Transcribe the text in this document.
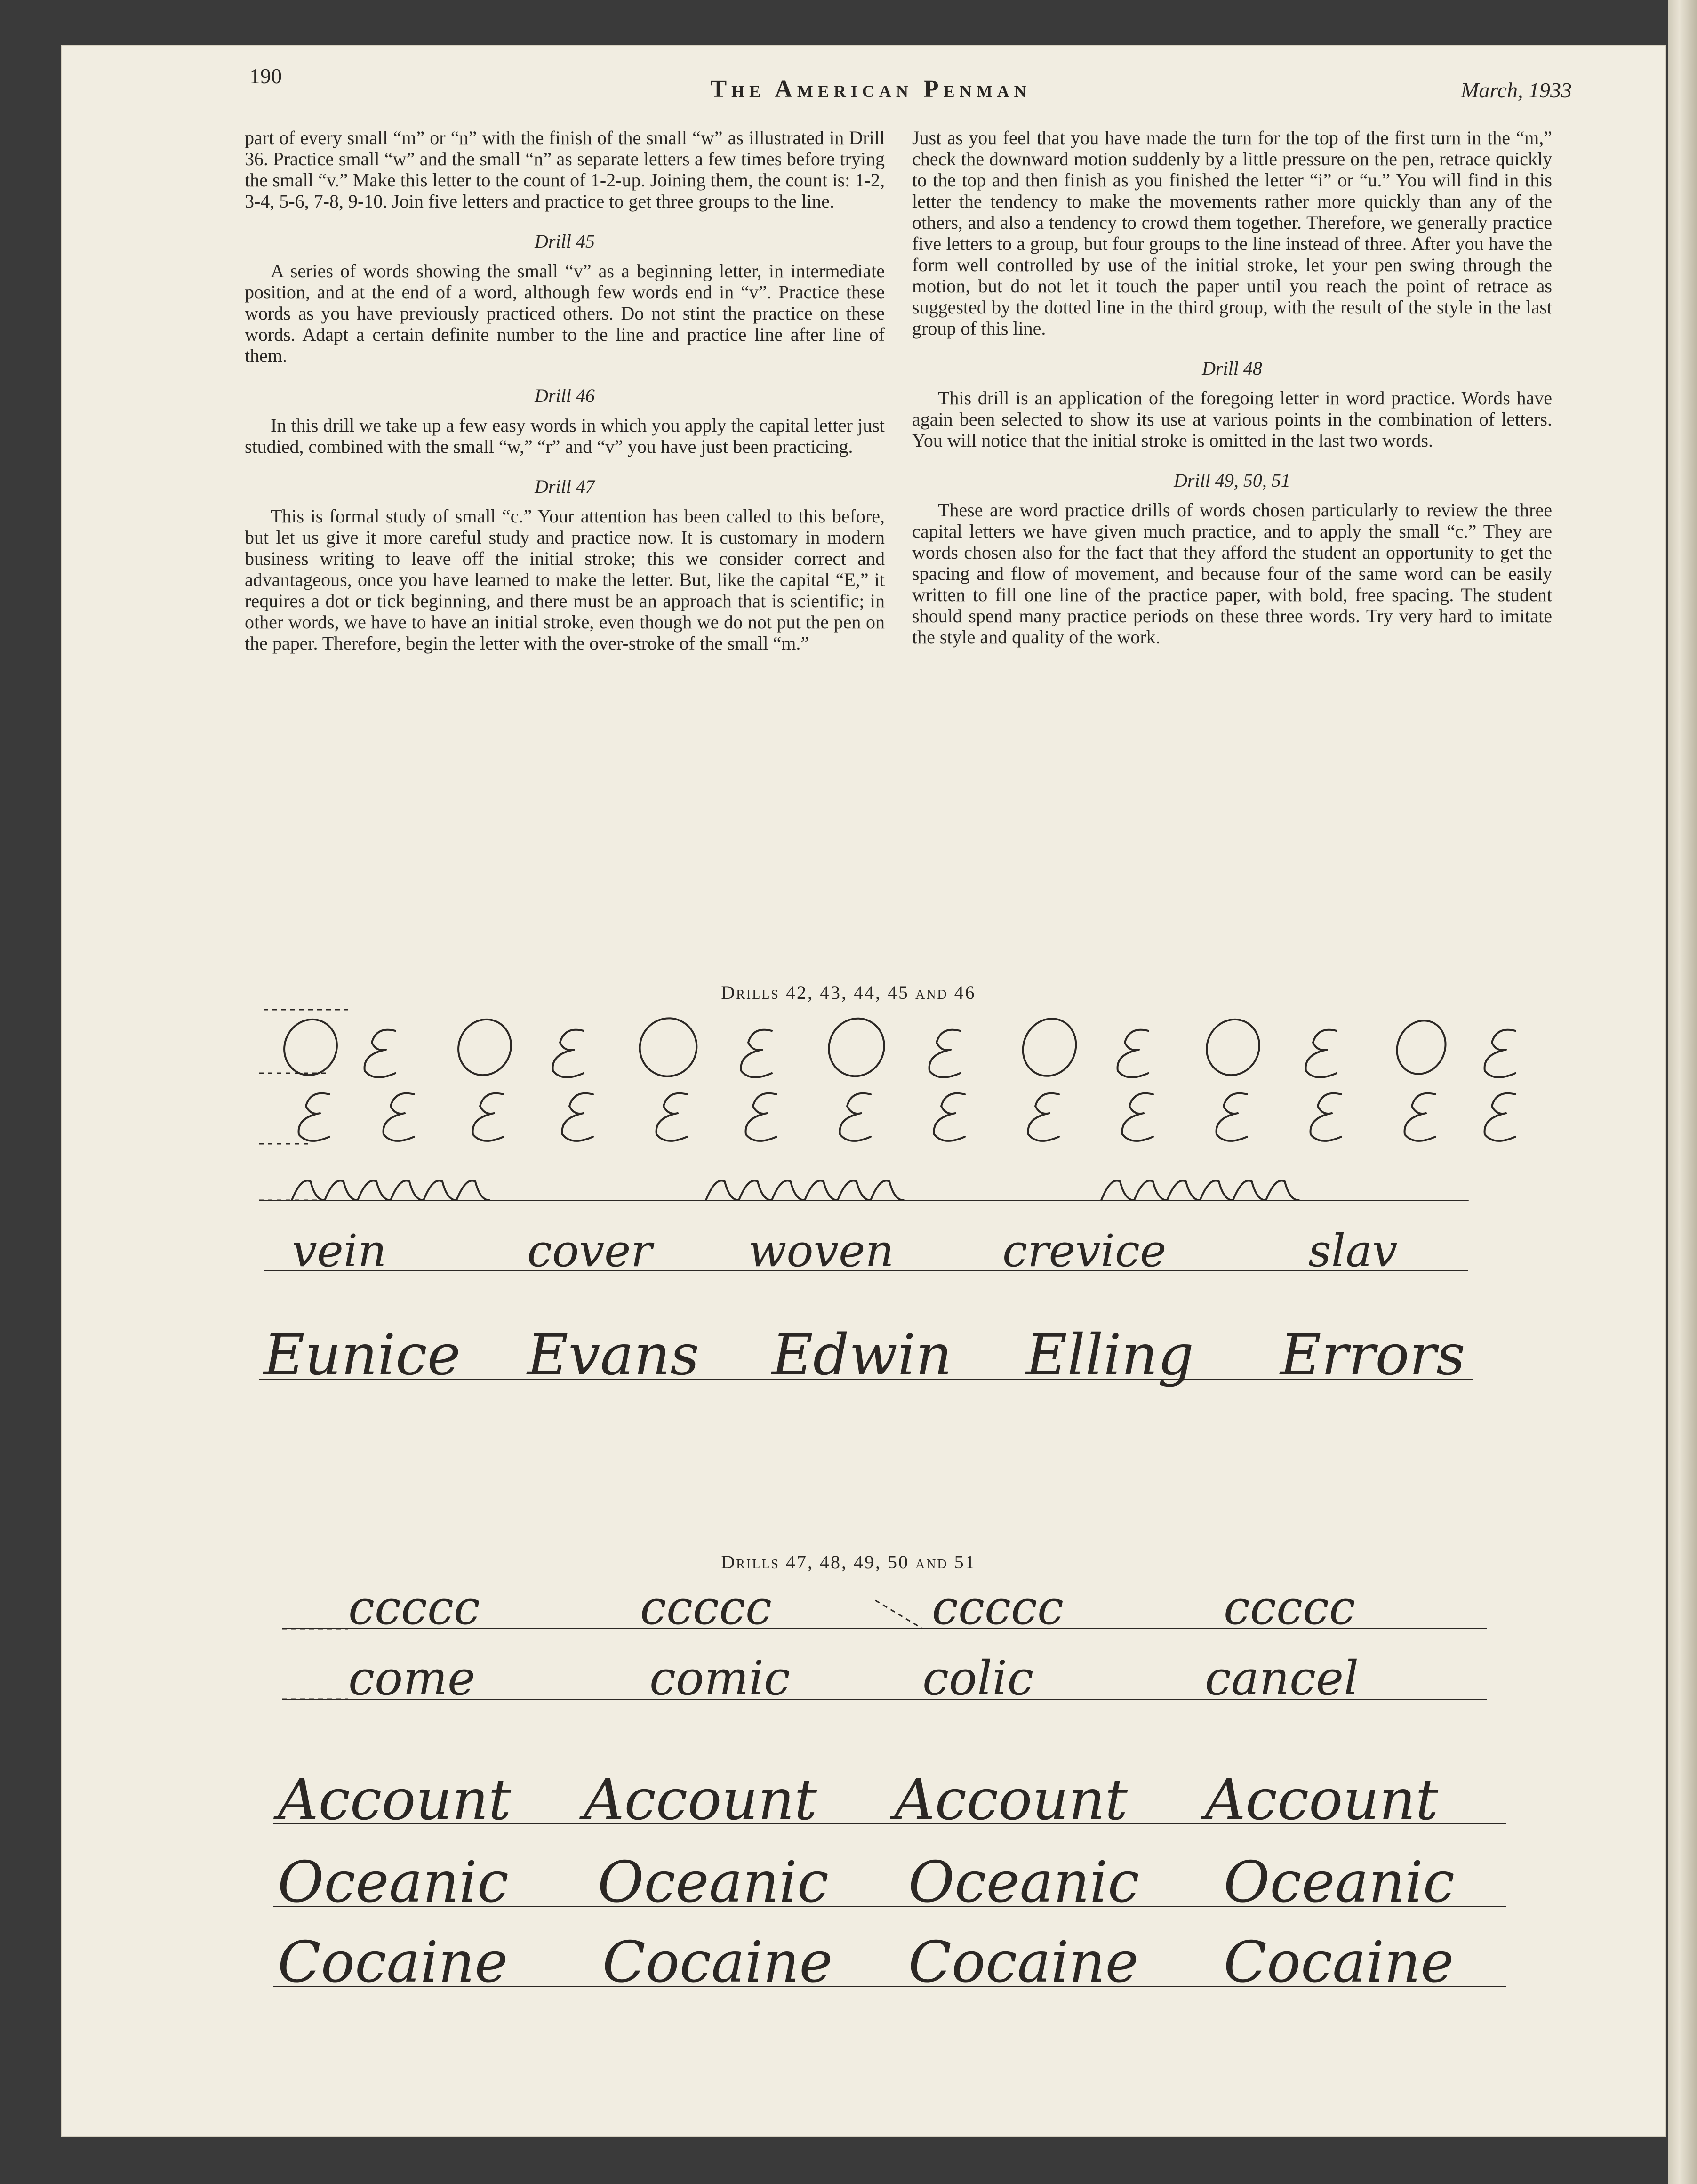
190	The American Penman	March, 1933

part of every small “m” or “n” with the finish of the small “w” as illustrated in Drill 36. Practice small “w” and the small “n” as separate letters a few times before trying the small “v.” Make this letter to the count of 1-2-up. Joining them, the count is: 1-2, 3-4, 5-6, 7-8, 9-10. Join five letters and practice to get three groups to the line.

Drill 45

A series of words showing the small “v” as a beginning letter, in intermediate position, and at the end of a word, although few words end in “v”. Practice these words as you have previously practiced others. Do not stint the practice on these words. Adapt a certain definite number to the line and practice line after line of them.

Drill 46

In this drill we take up a few easy words in which you apply the capital letter just studied, combined with the small “w,” “r” and “v” you have just been practicing.

Drill 47

This is formal study of small “c.” Your attention has been called to this before, but let us give it more careful study and practice now. It is customary in modern business writing to leave off the initial stroke; this we consider correct and advantageous, once you have learned to make the letter. But, like the capital “E,” it requires a dot or tick beginning, and there must be an approach that is scientific; in other words, we have to have an initial stroke, even though we do not put the pen on the paper. Therefore, begin the letter with the over-stroke of the small “m.”

Just as you feel that you have made the turn for the top of the first turn in the “m,” check the downward motion suddenly by a little pressure on the pen, retrace quickly to the top and then finish as you finished the letter “i” or “u.” You will find in this letter the tendency to make the movements rather more quickly than any of the others, and also a tendency to crowd them together. Therefore, we generally practice five letters to a group, but four groups to the line instead of three. After you have the form well controlled by use of the initial stroke, let your pen swing through the motion, but do not let it touch the paper until you reach the point of retrace as suggested by the dotted line in the third group, with the result of the style in the last group of this line.

Drill 48

This drill is an application of the foregoing letter in word practice. Words have again been selected to show its use at various points in the combination of letters. You will notice that the initial stroke is omitted in the last two words.

Drill 49, 50, 51

These are word practice drills of words chosen particularly to review the three capital letters we have given much practice, and to apply the small “c.” They are words chosen also for the fact that they afford the student an opportunity to get the spacing and flow of movement, and because four of the same word can be easily written to fill one line of the practice paper, with bold, free spacing. The student should spend many practice periods on these three words. Try very hard to imitate the style and quality of the work.

Drills 42, 43, 44, 45 and 46
vein	cover woven crevice	slav
Eunice Evans Edwin Elling Errors
Drills 47, 48, 49, 50 and 51
ccccc	ccccc	ccccc	ccccc
come	comic	colic	cancel
Account Account Account Account
Oceanic Oceanic Oceanic Oceanic
Cocaine Cocaine Cocaine Cocaine
